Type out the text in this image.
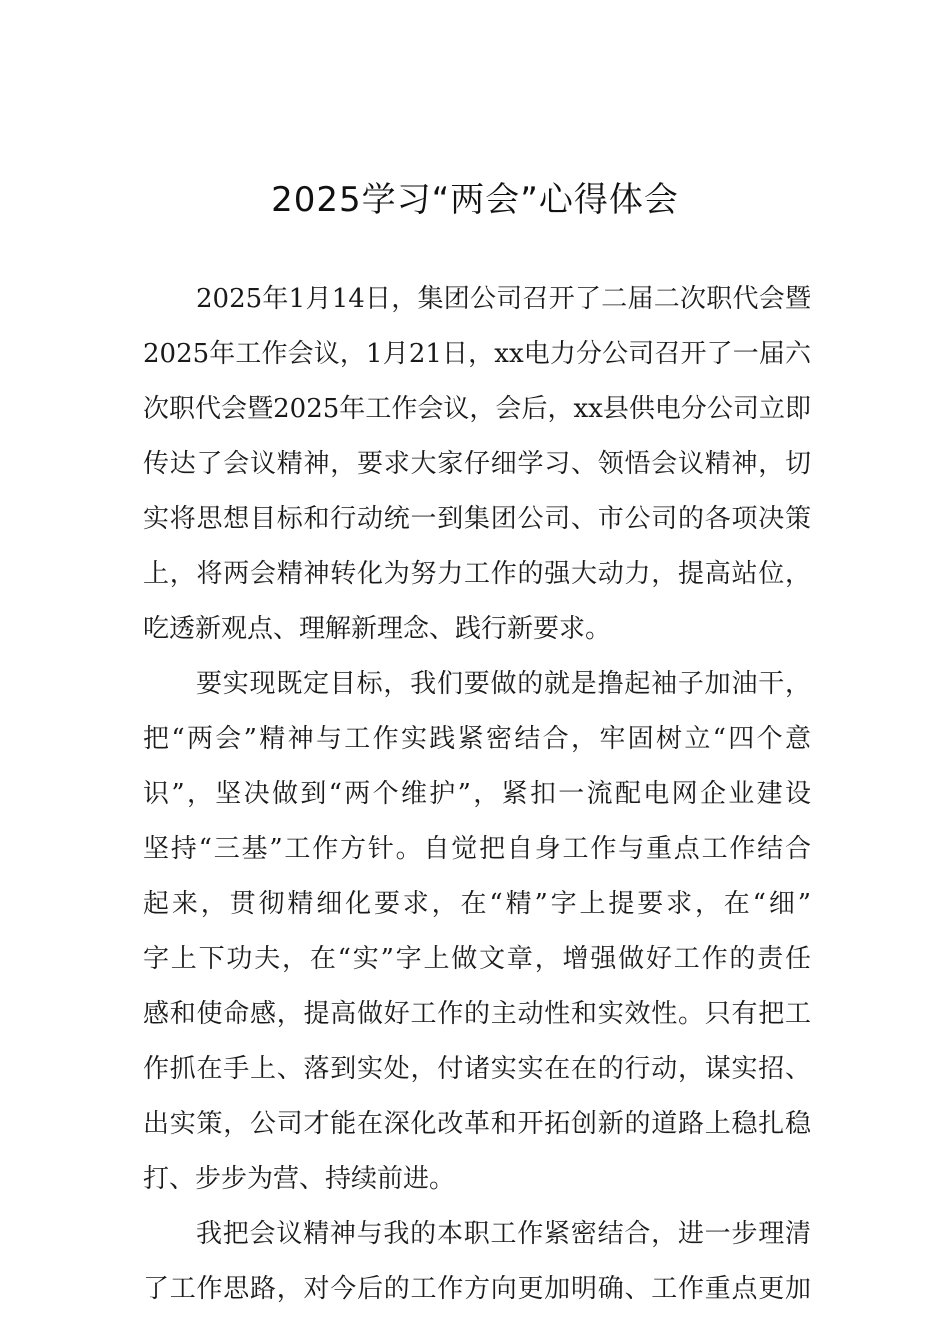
2025学习“两会”心得体会
2025年1月14日，集团公司召开了二届二次职代会暨
2025年工作会议，1月21日，xx电力分公司召开了一届六
次职代会暨2025年工作会议，会后，xx县供电分公司立即
传达了会议精神，要求大家仔细学习、领悟会议精神，切
实将思想目标和行动统一到集团公司、市公司的各项决策
上，将两会精神转化为努力工作的强大动力，提高站位，
吃透新观点、理解新理念、践行新要求。
要实现既定目标，我们要做的就是撸起袖子加油干，
把“两会”精神与工作实践紧密结合，牢固树立“四个意
识”，坚决做到“两个维护”，紧扣一流配电网企业建设
坚持“三基”工作方针。自觉把自身工作与重点工作结合
起来，贯彻精细化要求，在“精”字上提要求，在“细”
字上下功夫，在“实”字上做文章，增强做好工作的责任
感和使命感，提高做好工作的主动性和实效性。只有把工
作抓在手上、落到实处，付诸实实在在的行动，谋实招、
出实策，公司才能在深化改革和开拓创新的道路上稳扎稳
打、步步为营、持续前进。
我把会议精神与我的本职工作紧密结合，进一步理清
了工作思路，对今后的工作方向更加明确、工作重点更加
